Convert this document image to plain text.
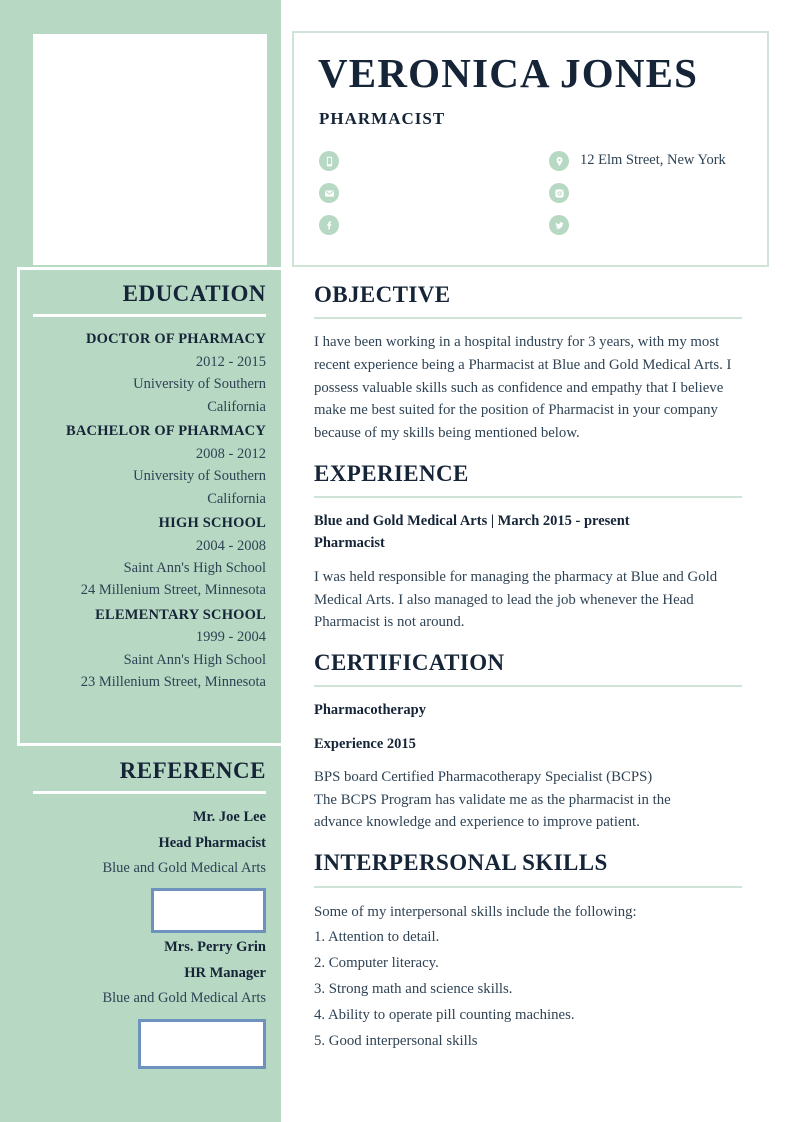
EDUCATION
DOCTOR OF PHARMACY
2012 - 2015
University of Southern
California
BACHELOR OF PHARMACY
2008 - 2012
University of Southern
California
HIGH SCHOOL
2004 - 2008
Saint Ann's High School
24 Millenium Street, Minnesota
ELEMENTARY SCHOOL
1999 - 2004
Saint Ann's High School
23 Millenium Street, Minnesota
REFERENCE
Mr. Joe Lee
Head Pharmacist
Blue and Gold Medical Arts
Mrs. Perry Grin
HR Manager
Blue and Gold Medical Arts
VERONICA JONES
PHARMACIST
12 Elm Street, New York
OBJECTIVE
I have been working in a hospital industry for 3 years, with my most recent experience being a Pharmacist at Blue and Gold Medical Arts. I possess valuable skills such as confidence and empathy that I believe make me best suited for the position of Pharmacist in your company because of my skills being mentioned below.
EXPERIENCE
Blue and Gold Medical Arts | March 2015 - present
Pharmacist
I was held responsible for managing the pharmacy at Blue and Gold Medical Arts. I also managed to lead the job whenever the Head Pharmacist is not around.
CERTIFICATION
Pharmacotherapy
Experience 2015
BPS board Certified Pharmacotherapy Specialist (BCPS)
The BCPS Program has validate me as the pharmacist in the
advance knowledge and experience to improve patient.
INTERPERSONAL SKILLS
Some of my interpersonal skills include the following:
1. Attention to detail.
2. Computer literacy.
3. Strong math and science skills.
4. Ability to operate pill counting machines.
5. Good interpersonal skills
